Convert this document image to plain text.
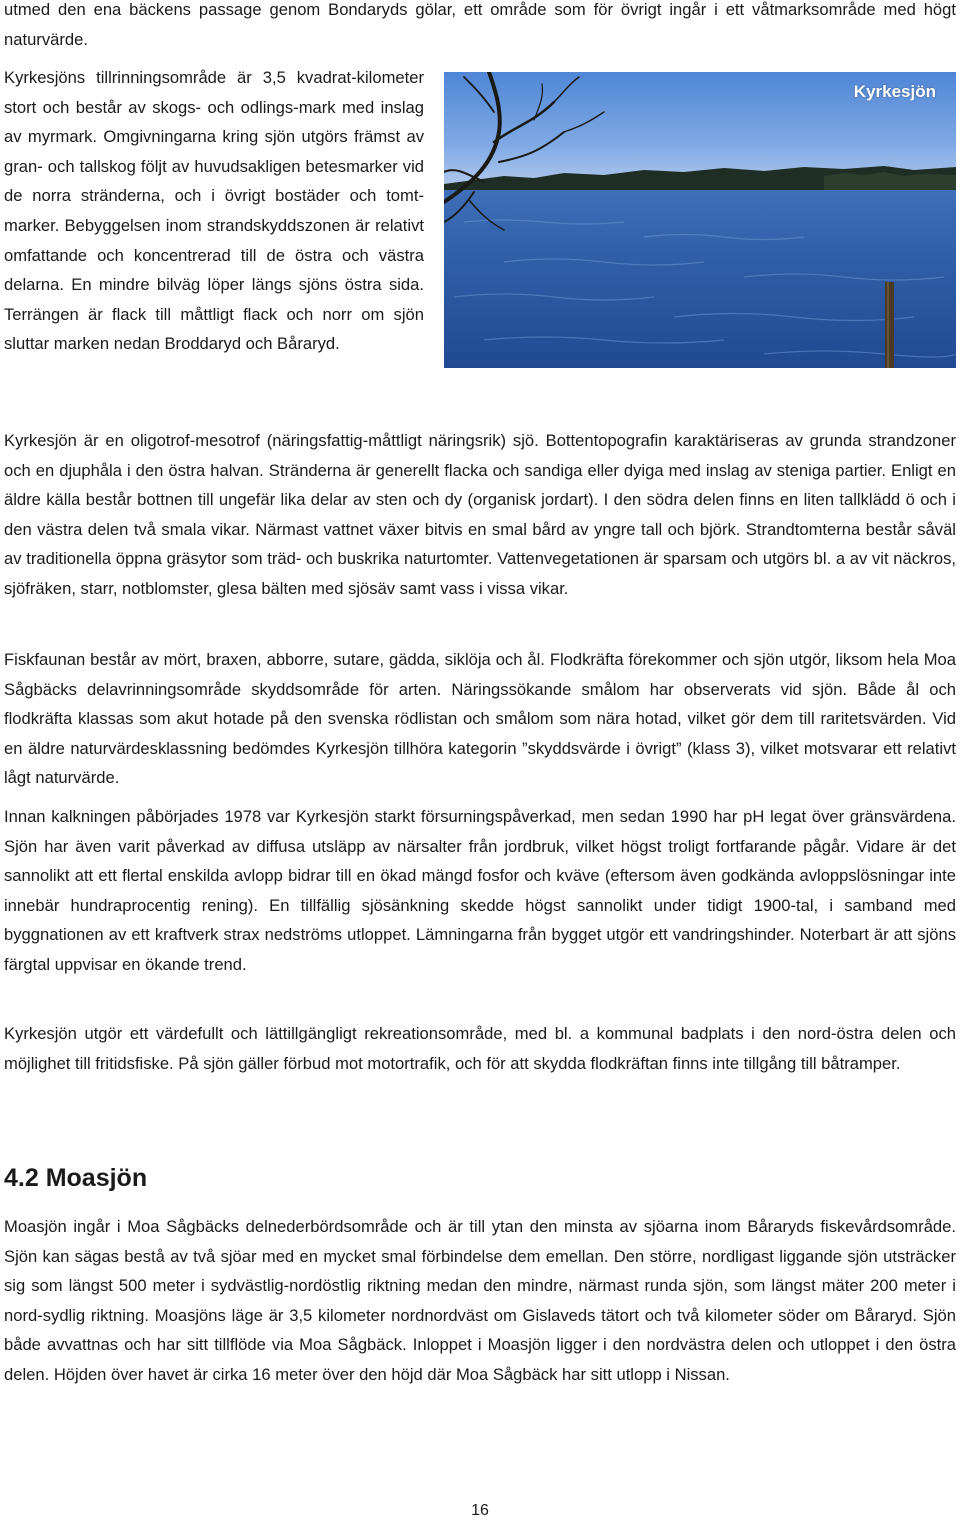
utmed den ena bäckens passage genom Bondaryds gölar, ett område som för övrigt ingår i ett våtmarksområde med högt naturvärde.

Kyrkesjöns tillrinningsområde är 3,5 kvadrat-kilometer stort och består av skogs- och odlings-mark med inslag av myrmark. Omgivningarna kring sjön utgörs främst av gran- och tallskog följt av huvudsakligen betesmarker vid de norra stränderna, och i övrigt bostäder och tomt-marker. Bebyggelsen inom strandskyddszonen är relativt omfattande och koncentrerad till de östra och västra delarna. En mindre bilväg löper längs sjöns östra sida. Terrängen är flack till måttligt flack och norr om sjön sluttar marken nedan Broddaryd och Båraryd.

Kyrkesjön

Kyrkesjön är en oligotrof-mesotrof (näringsfattig-måttligt näringsrik) sjö. Bottentopografin karaktäriseras av grunda strandzoner och en djuphåla i den östra halvan. Stränderna är generellt flacka och sandiga eller dyiga med inslag av steniga partier. Enligt en äldre källa består bottnen till ungefär lika delar av sten och dy (organisk jordart). I den södra delen finns en liten tallklädd ö och i den västra delen två smala vikar. Närmast vattnet växer bitvis en smal bård av yngre tall och björk. Strandtomterna består såväl av traditionella öppna gräsytor som träd- och buskrika naturtomter. Vattenvegetationen är sparsam och utgörs bl. a av vit näckros, sjöfräken, starr, notblomster, glesa bälten med sjösäv samt vass i vissa vikar.

Fiskfaunan består av mört, braxen, abborre, sutare, gädda, siklöja och ål. Flodkräfta förekommer och sjön utgör, liksom hela Moa Sågbäcks delavrinningsområde skyddsområde för arten. Näringssökande smålom har observerats vid sjön. Både ål och flodkräfta klassas som akut hotade på den svenska rödlistan och smålom som nära hotad, vilket gör dem till raritetsvärden. Vid en äldre naturvärdesklassning bedömdes Kyrkesjön tillhöra kategorin ”skyddsvärde i övrigt” (klass 3), vilket motsvarar ett relativt lågt naturvärde.

Innan kalkningen påbörjades 1978 var Kyrkesjön starkt försurningspåverkad, men sedan 1990 har pH legat över gränsvärdena. Sjön har även varit påverkad av diffusa utsläpp av närsalter från jordbruk, vilket högst troligt fortfarande pågår. Vidare är det sannolikt att ett flertal enskilda avlopp bidrar till en ökad mängd fosfor och kväve (eftersom även godkända avloppslösningar inte innebär hundraprocentig rening). En tillfällig sjösänkning skedde högst sannolikt under tidigt 1900-tal, i samband med byggnationen av ett kraftverk strax nedströms utloppet. Lämningarna från bygget utgör ett vandringshinder. Noterbart är att sjöns färgtal uppvisar en ökande trend.

Kyrkesjön utgör ett värdefullt och lättillgängligt rekreationsområde, med bl. a kommunal badplats i den nord-östra delen och möjlighet till fritidsfiske. På sjön gäller förbud mot motortrafik, och för att skydda flodkräftan finns inte tillgång till båtramper.

4.2 Moasjön

Moasjön ingår i Moa Sågbäcks delnederbördsområde och är till ytan den minsta av sjöarna inom Båraryds fiskevårdsområde. Sjön kan sägas bestå av två sjöar med en mycket smal förbindelse dem emellan. Den större, nordligast liggande sjön utsträcker sig som längst 500 meter i sydvästlig-nordöstlig riktning medan den mindre, närmast runda sjön, som längst mäter 200 meter i nord-sydlig riktning. Moasjöns läge är 3,5 kilometer nordnordväst om Gislaveds tätort och två kilometer söder om Båraryd. Sjön både avvattnas och har sitt tillflöde via Moa Sågbäck. Inloppet i Moasjön ligger i den nordvästra delen och utloppet i den östra delen. Höjden över havet är cirka 16 meter över den höjd där Moa Sågbäck har sitt utlopp i Nissan.

16
